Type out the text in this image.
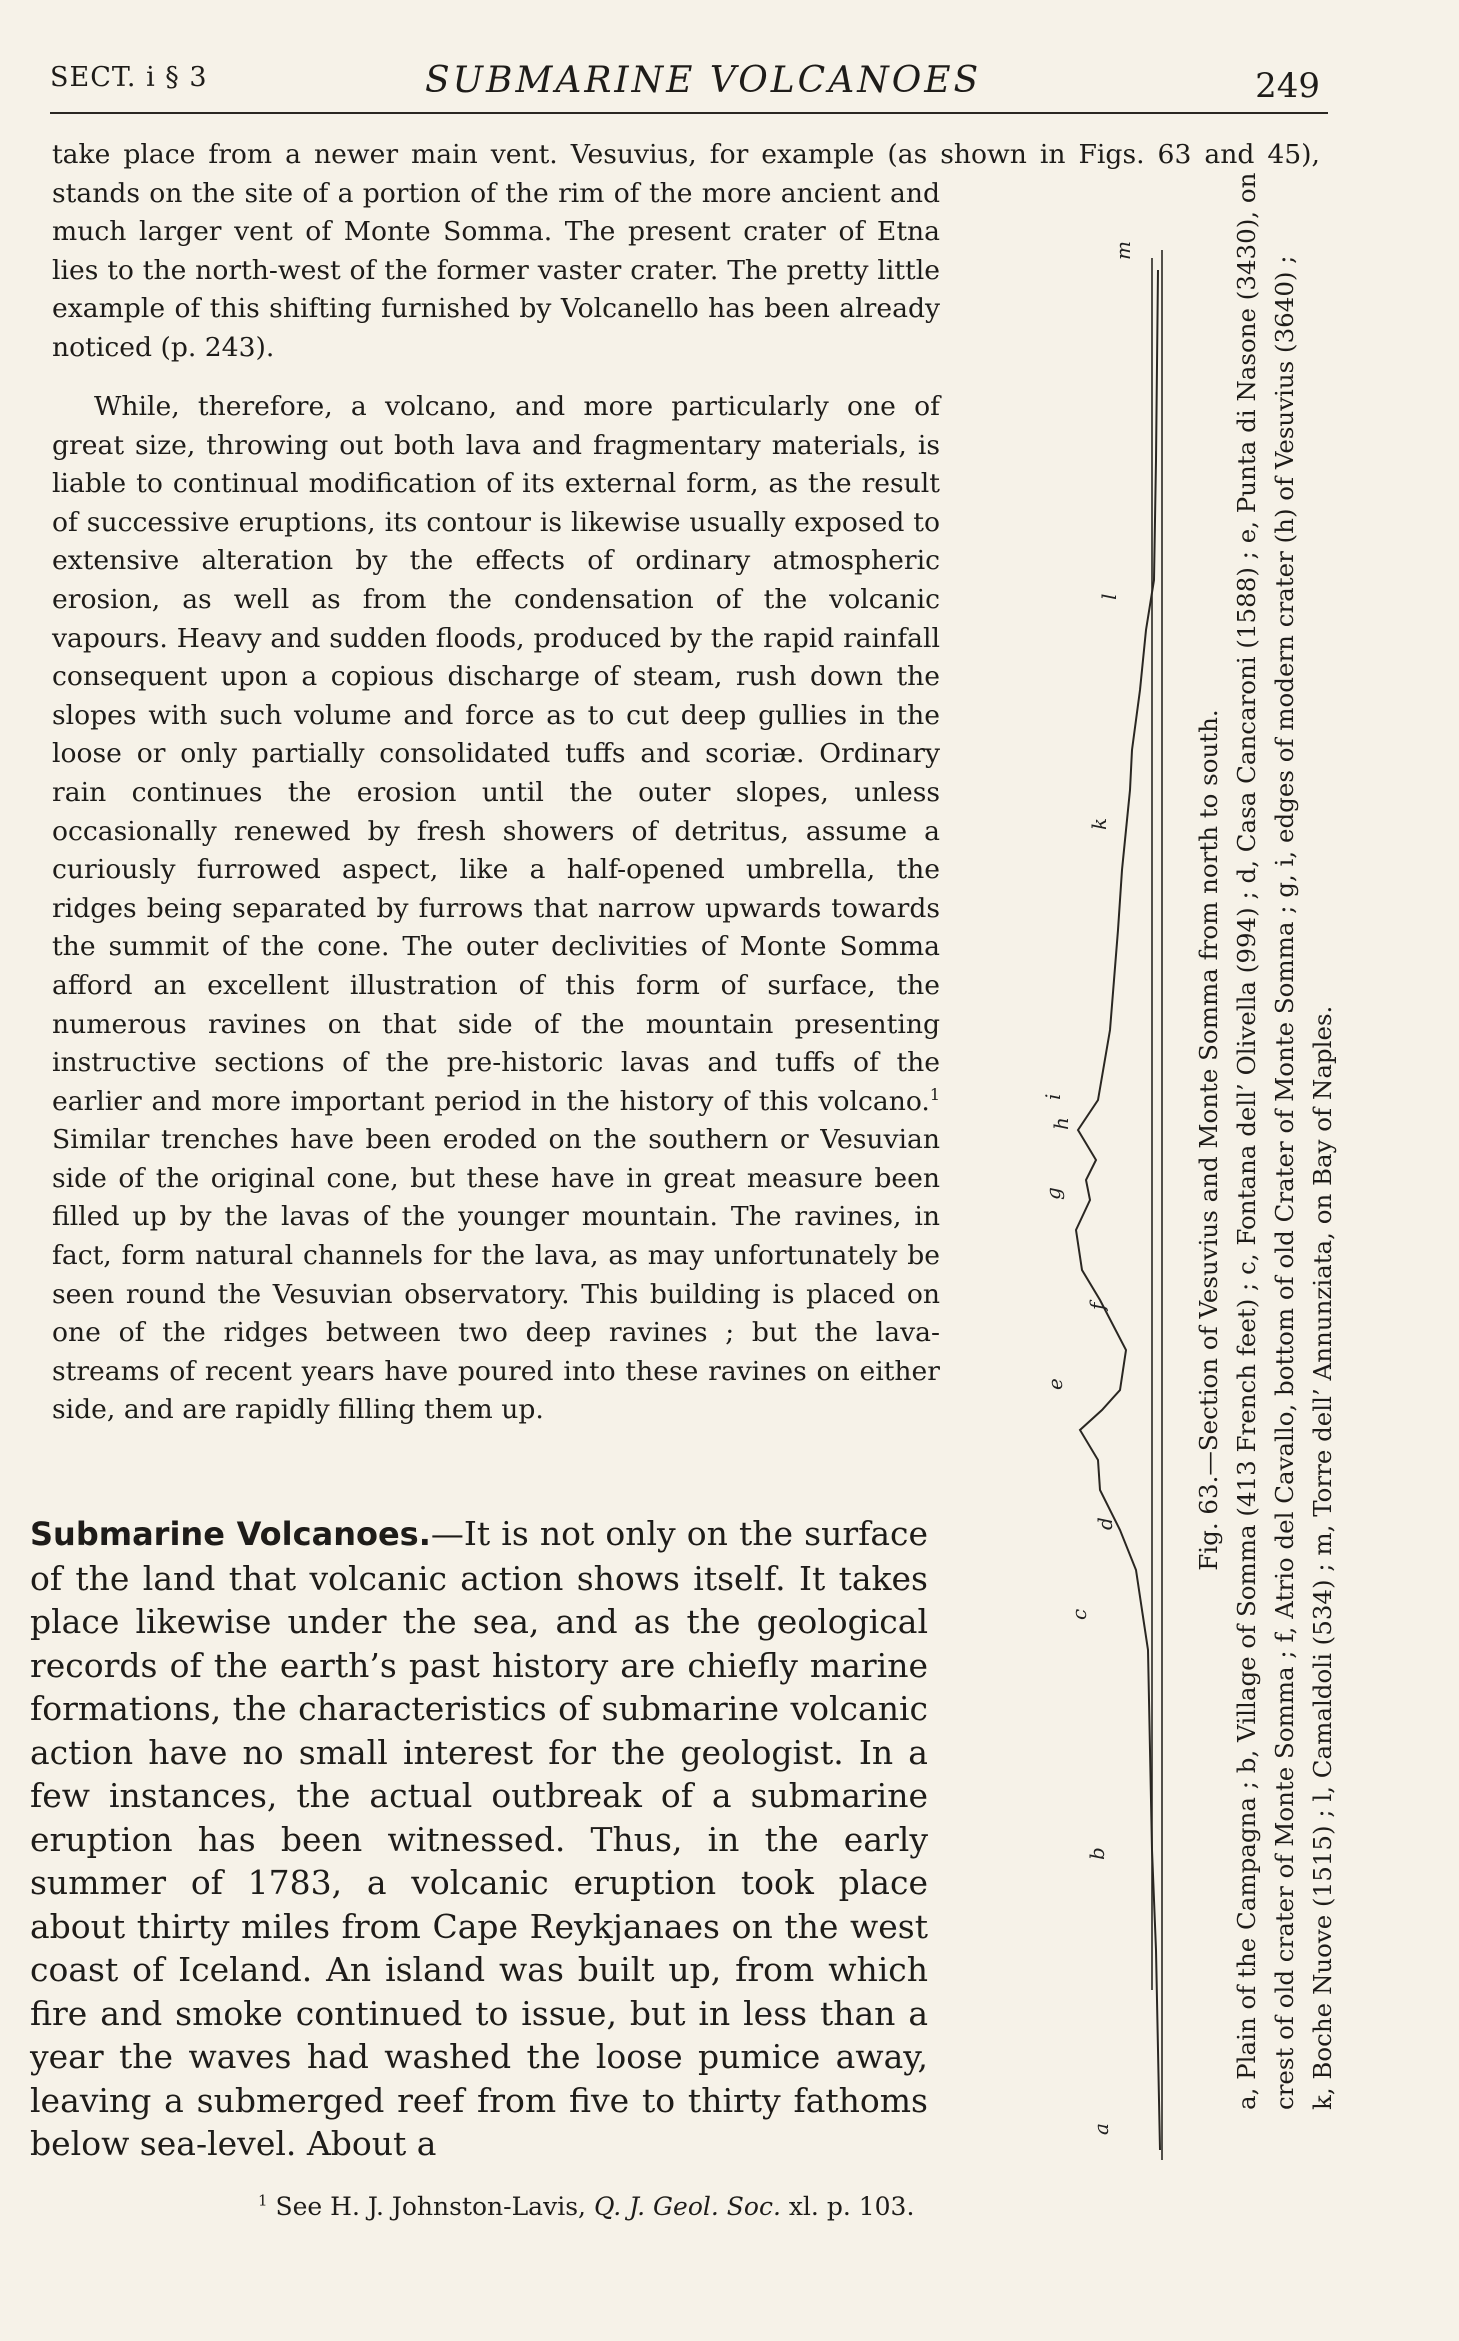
SECT. i § 3	SUBMARINE VOLCANOES	249

take place from a newer main vent. Vesuvius, for example (as shown in Figs. 63 and 45),
stands on the site of a portion of the rim of the more ancient and much larger vent of Monte Somma. The present crater of Etna lies to the north-west of the former vaster crater. The pretty little example of this shifting furnished by Volcanello has been already noticed (p. 243).

While, therefore, a volcano, and more particularly one of great size, throwing out both lava and fragmentary materials, is liable to continual modification of its external form, as the result of successive eruptions, its contour is likewise usually exposed to extensive alteration by the effects of ordinary atmospheric erosion, as well as from the condensation of the volcanic vapours. Heavy and sudden floods, produced by the rapid rainfall consequent upon a copious discharge of steam, rush down the slopes with such volume and force as to cut deep gullies in the loose or only partially consolidated tuffs and scoriæ. Ordinary rain continues the erosion until the outer slopes, unless occasionally renewed by fresh showers of detritus, assume a curiously furrowed aspect, like a half-opened umbrella, the ridges being separated by furrows that narrow upwards towards the summit of the cone. The outer declivities of Monte Somma afford an excellent illustration of this form of surface, the numerous ravines on that side of the mountain presenting instructive sections of the pre-historic lavas and tuffs of the earlier and more important period in the history of this volcano.$^1$ Similar trenches have been eroded on the southern or Vesuvian side of the original cone, but these have in great measure been filled up by the lavas of the younger mountain. The ravines, in fact, form natural channels for the lava, as may unfortunately be seen round the Vesuvian observatory. This building is placed on one of the ridges between two deep ravines ; but the lava-streams of recent years have poured into these ravines on either side, and are rapidly filling them up.

Submarine Volcanoes.—It is not only on the surface of the land that volcanic action shows itself. It takes place likewise under the sea, and as the geological records of the earth’s past history are chiefly marine formations, the characteristics of submarine volcanic action have no small interest for the geologist. In a few instances, the actual outbreak of a submarine eruption has been witnessed. Thus, in the early summer of 1783, a volcanic eruption took place about thirty miles from Cape Reykjanaes on the west coast of Iceland. An island was built up, from which fire and smoke continued to issue, but in less than a year the waves had washed the loose pumice away, leaving a submerged reef from five to thirty fathoms below sea-level. About a

$^1$ See H. J. Johnston-Lavis, Q. J. Geol. Soc. xl. p. 103.
m
l
k
i
h
g
f
e
d
c
b
a
Fig. 63.—Section of Vesuvius and Monte Somma from north to south. a, Plain of the Campagna ; b, Village of Somma (413 French feet) ; c, Fontana dell’ Olivella (994) ; d, Casa Cancaroni (1588) ; e, Punta di Nasone (3430), on crest of old crater of Monte Somma ; f, Atrio del Cavallo, bottom of old Crater of Monte Somma ; g, i, edges of modern crater (h) of Vesuvius (3640) ; k, Boche Nuove (1515) ; l, Camaldoli (534) ; m, Torre dell’ Annunziata, on Bay of Naples.
